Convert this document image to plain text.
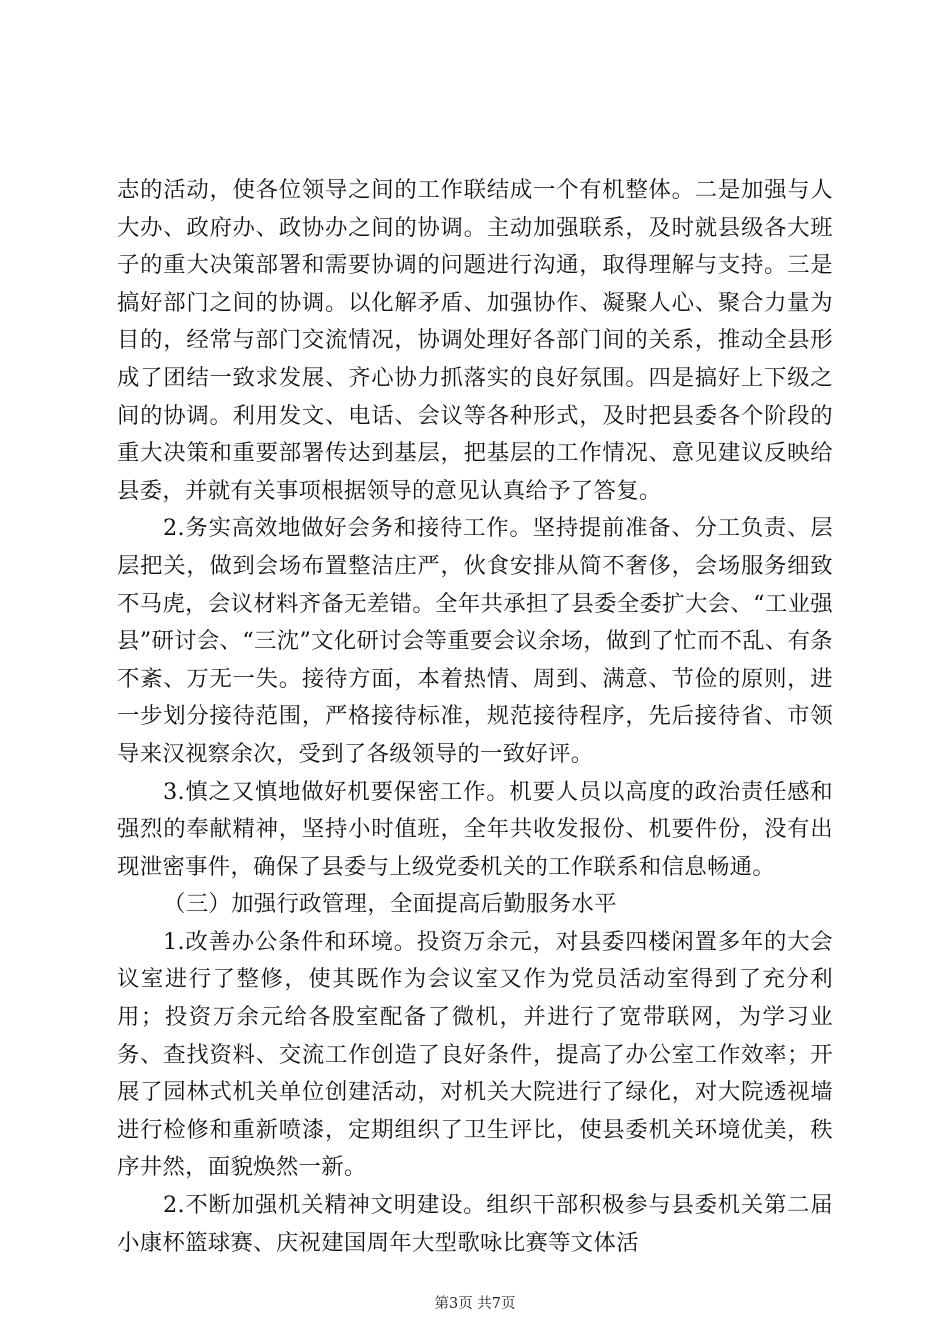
志的活动，使各位领导之间的工作联结成一个有机整体。二是加强与人大办、政府办、政协办之间的协调。主动加强联系，及时就县级各大班子的重大决策部署和需要协调的问题进行沟通，取得理解与支持。三是搞好部门之间的协调。以化解矛盾、加强协作、凝聚人心、聚合力量为目的，经常与部门交流情况，协调处理好各部门间的关系，推动全县形成了团结一致求发展、齐心协力抓落实的良好氛围。四是搞好上下级之间的协调。利用发文、电话、会议等各种形式，及时把县委各个阶段的重大决策和重要部署传达到基层，把基层的工作情况、意见建议反映给县委，并就有关事项根据领导的意见认真给予了答复。

2.务实高效地做好会务和接待工作。坚持提前准备、分工负责、层层把关，做到会场布置整洁庄严，伙食安排从简不奢侈，会场服务细致不马虎，会议材料齐备无差错。全年共承担了县委全委扩大会、“工业强县”研讨会、“三沈”文化研讨会等重要会议余场，做到了忙而不乱、有条不紊、万无一失。接待方面，本着热情、周到、满意、节俭的原则，进一步划分接待范围，严格接待标准，规范接待程序，先后接待省、市领导来汉视察余次，受到了各级领导的一致好评。

3.慎之又慎地做好机要保密工作。机要人员以高度的政治责任感和强烈的奉献精神，坚持小时值班，全年共收发报份、机要件份，没有出现泄密事件，确保了县委与上级党委机关的工作联系和信息畅通。

（三）加强行政管理，全面提高后勤服务水平

1.改善办公条件和环境。投资万余元，对县委四楼闲置多年的大会议室进行了整修，使其既作为会议室又作为党员活动室得到了充分利用；投资万余元给各股室配备了微机，并进行了宽带联网，为学习业务、查找资料、交流工作创造了良好条件，提高了办公室工作效率；开展了园林式机关单位创建活动，对机关大院进行了绿化，对大院透视墙进行检修和重新喷漆，定期组织了卫生评比，使县委机关环境优美，秩序井然，面貌焕然一新。

2.不断加强机关精神文明建设。组织干部积极参与县委机关第二届小康杯篮球赛、庆祝建国周年大型歌咏比赛等文体活

第3页 共7页
